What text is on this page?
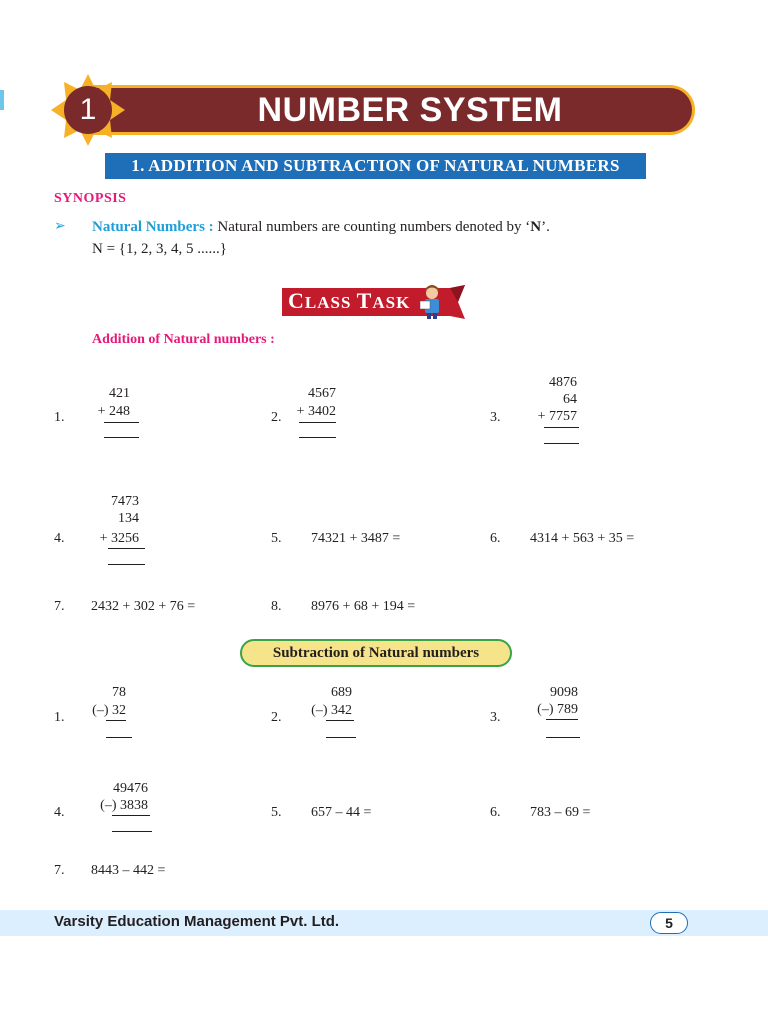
NUMBER SYSTEM
1
1. ADDITION AND SUBTRACTION OF NATURAL NUMBERS
SYNOPSIS
➢ Natural Numbers : Natural numbers are counting numbers denoted by ‘N’.
N = {1, 2, 3, 4, 5 ......}
CLASS TASK
Addition of Natural numbers :
1.
421
+ 248	2.
4567
+ 3402	3.
4876
64
+ 7757
4.
7473
134
+ 3256	5. 74321 + 3487 =	6. 4314 + 563 + 35 =
7. 2432 + 302 + 76 =	8. 8976 + 68 + 194 =
Subtraction of Natural numbers
1.
78
(–) 32	2.
689
(–) 342	3.
9098
(–) 789
4.
49476
(–) 3838	5. 657 – 44 =	6. 783 – 69 =
7. 8443 – 442 =
Varsity Education Management Pvt. Ltd.	5
